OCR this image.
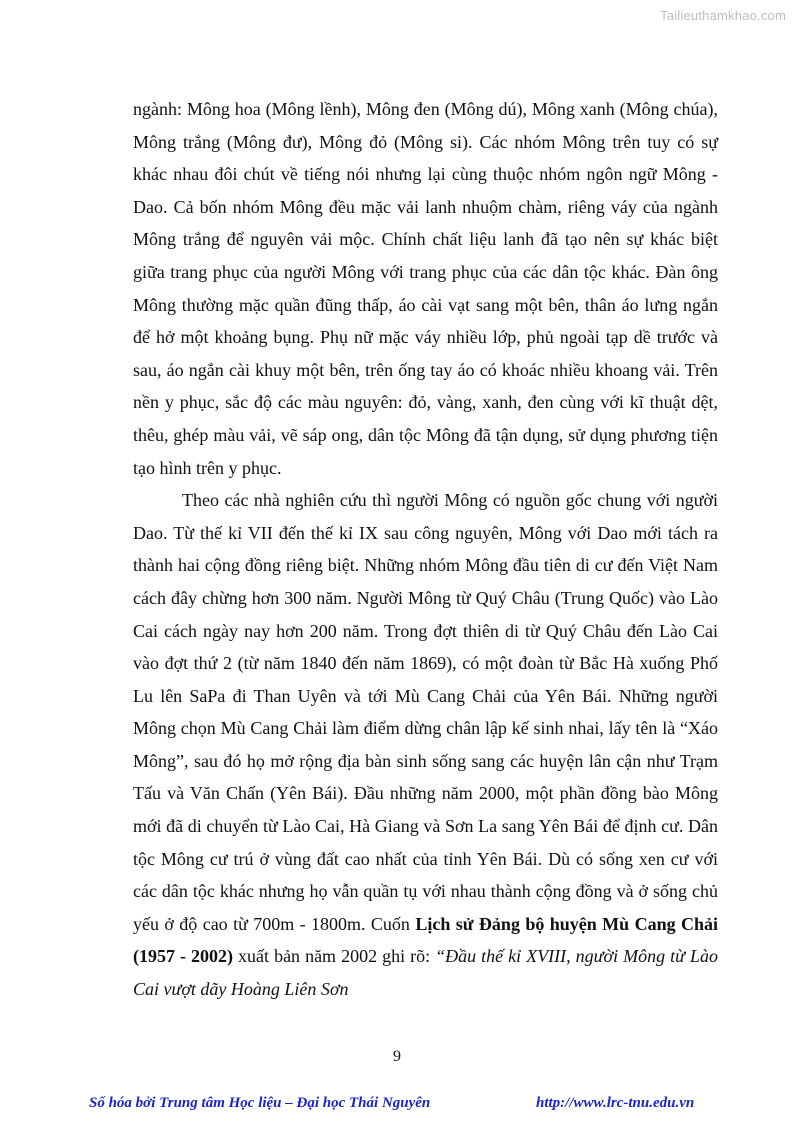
Tailieuthamkhao.com

ngành: Mông hoa (Mông lềnh), Mông đen (Mông dú), Mông xanh (Mông chúa), Mông trắng (Mông đư), Mông đỏ (Mông si). Các nhóm Mông trên tuy có sự khác nhau đôi chút về tiếng nói nhưng lại cùng thuộc nhóm ngôn ngữ Mông - Dao. Cả bốn nhóm Mông đều mặc vải lanh nhuộm chàm, riêng váy của ngành Mông trắng để nguyên vải mộc. Chính chất liệu lanh đã tạo nên sự khác biệt giữa trang phục của người Mông với trang phục của các dân tộc khác. Đàn ông Mông thường mặc quần đũng thấp, áo cài vạt sang một bên, thân áo lưng ngắn để hở một khoảng bụng. Phụ nữ mặc váy nhiều lớp, phủ ngoài tạp dề trước và sau, áo ngắn cài khuy một bên, trên ống tay áo có khoác nhiều khoang vải. Trên nền y phục, sắc độ các màu nguyên: đỏ, vàng, xanh, đen cùng với kĩ thuật dệt, thêu, ghép màu vải, vẽ sáp ong, dân tộc Mông đã tận dụng, sử dụng phương tiện tạo hình trên y phục.

Theo các nhà nghiên cứu thì người Mông có nguồn gốc chung với người Dao. Từ thế kỉ VII đến thế kỉ IX sau công nguyên, Mông với Dao mới tách ra thành hai cộng đồng riêng biệt. Những nhóm Mông đầu tiên di cư đến Việt Nam cách đây chừng hơn 300 năm. Người Mông từ Quý Châu (Trung Quốc) vào Lào Cai cách ngày nay hơn 200 năm. Trong đợt thiên di từ Quý Châu đến Lào Cai vào đợt thứ 2 (từ năm 1840 đến năm 1869), có một đoàn từ Bắc Hà xuống Phố Lu lên SaPa đi Than Uyên và tới Mù Cang Chải của Yên Bái. Những người Mông chọn Mù Cang Chải làm điểm dừng chân lập kế sinh nhai, lấy tên là “Xáo Mông”, sau đó họ mở rộng địa bàn sinh sống sang các huyện lân cận như Trạm Tấu và Văn Chấn (Yên Bái). Đầu những năm 2000, một phần đồng bào Mông mới đã di chuyển từ Lào Cai, Hà Giang và Sơn La sang Yên Bái để định cư. Dân tộc Mông cư trú ở vùng đất cao nhất của tỉnh Yên Bái. Dù có sống xen cư với các dân tộc khác nhưng họ vẫn quần tụ với nhau thành cộng đồng và ở sống chủ yếu ở độ cao từ 700m - 1800m. Cuốn Lịch sử Đảng bộ huyện Mù Cang Chải (1957 - 2002) xuất bản năm 2002 ghi rõ: “Đầu thế kỉ XVIII, người Mông từ Lào Cai vượt dãy Hoàng Liên Sơn

9
Số hóa bởi Trung tâm Học liệu – Đại học Thái Nguyên	http://www.lrc-tnu.edu.vn
